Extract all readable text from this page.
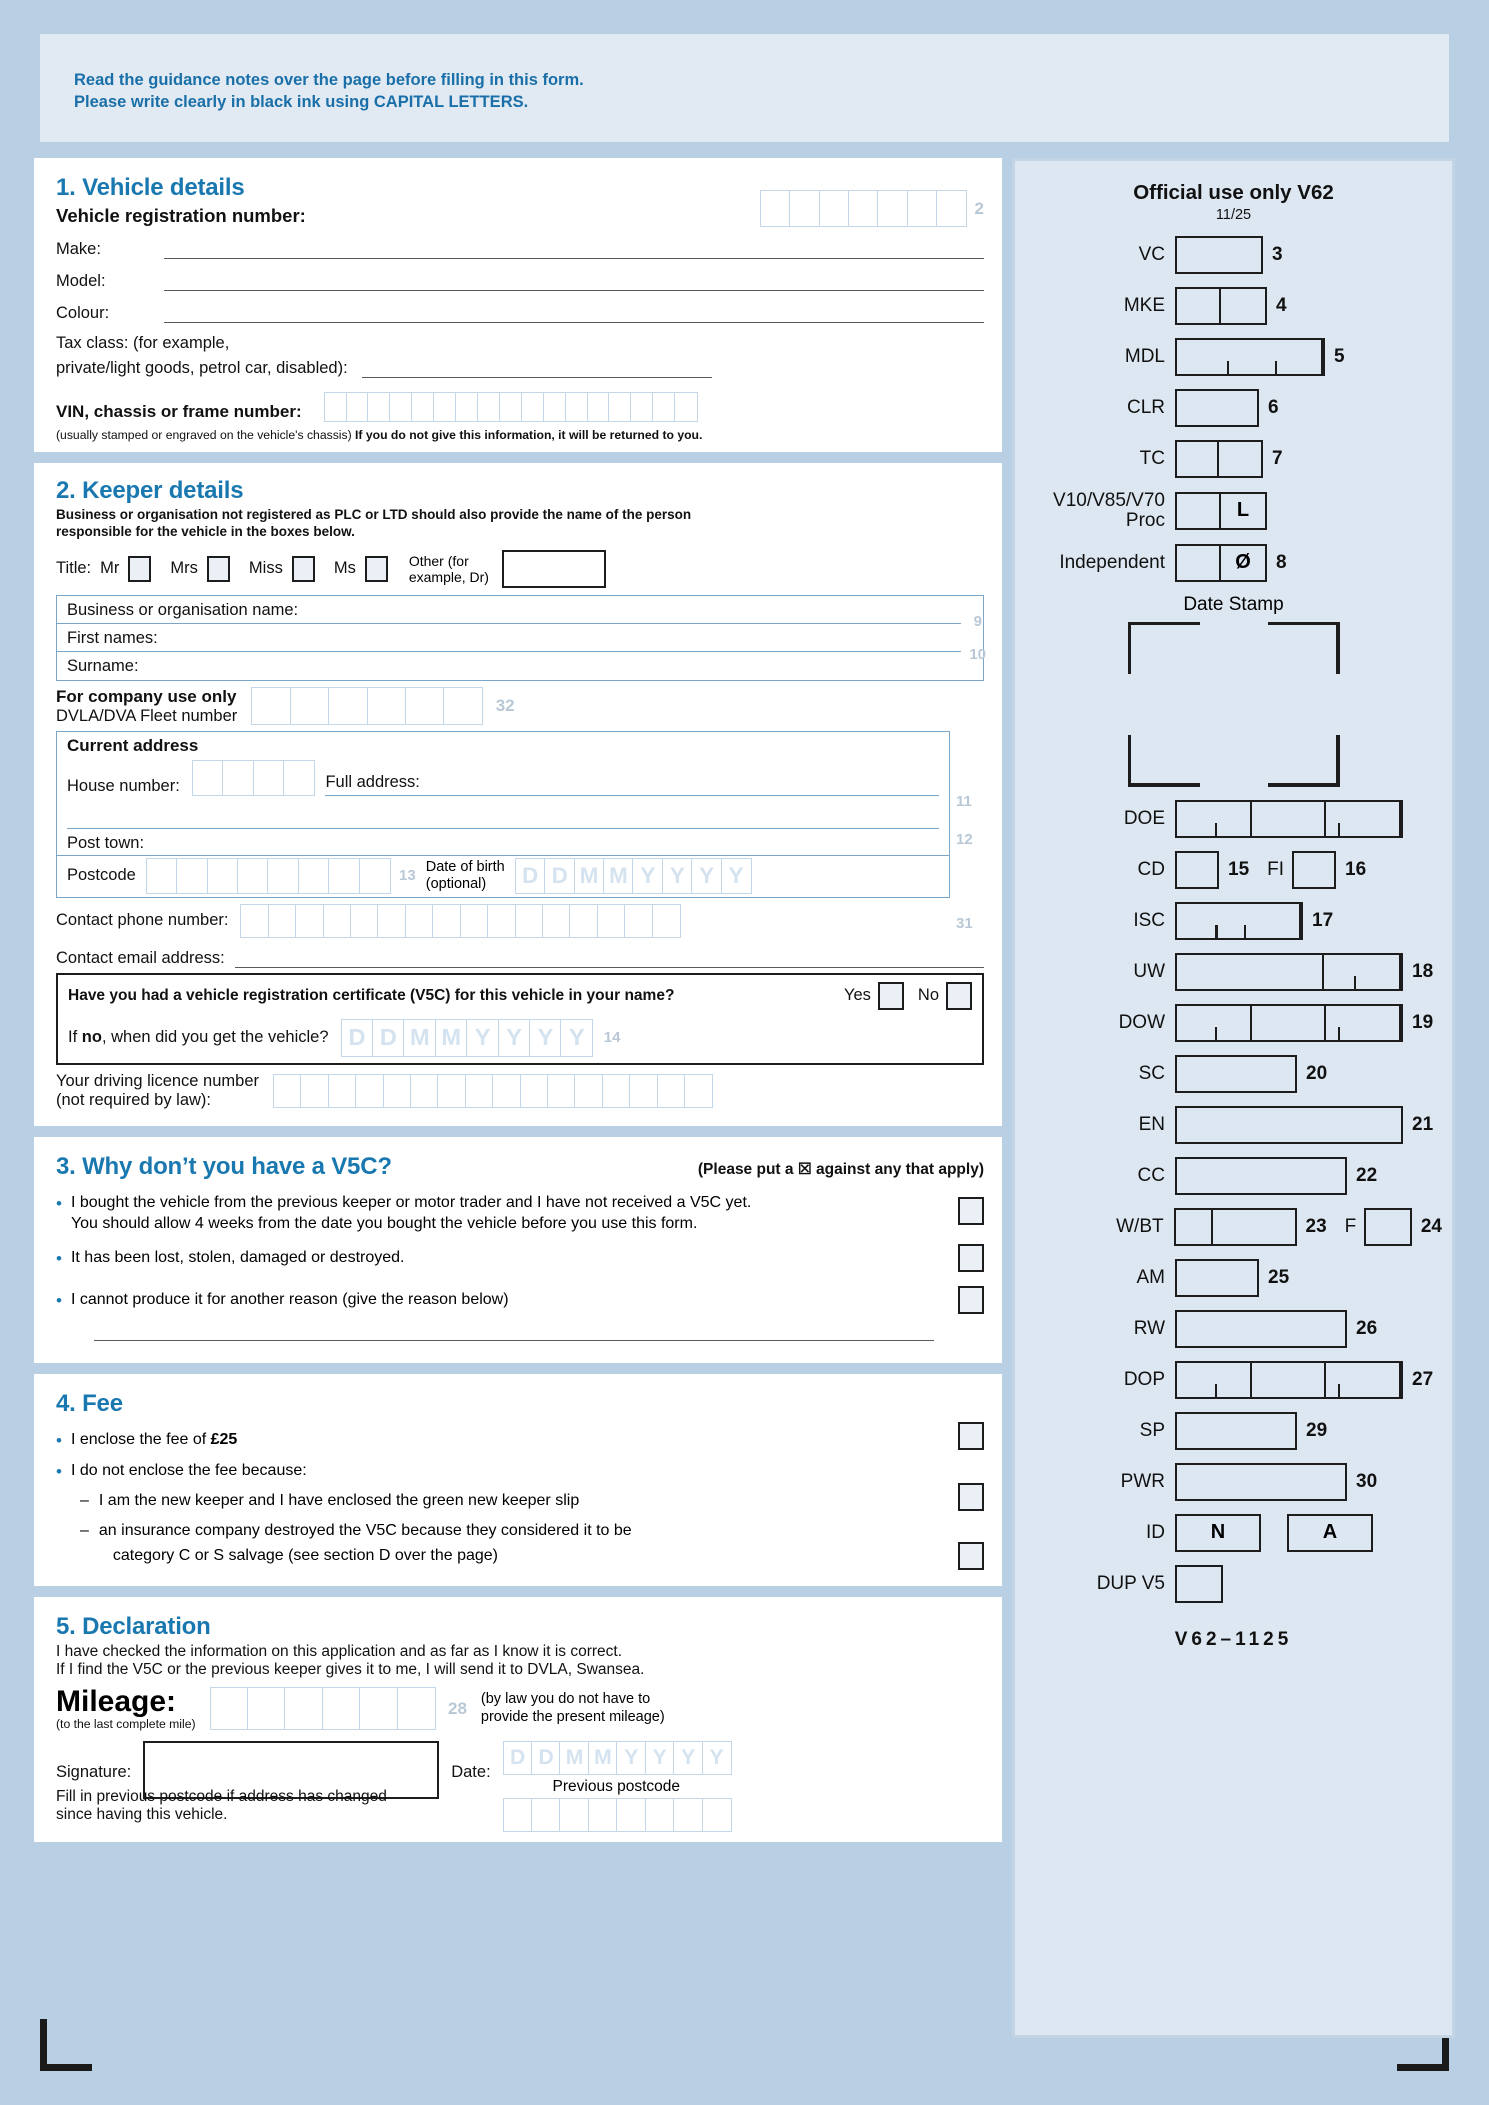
Read the guidance notes over the page before filling in this form.

Please write clearly in black ink using CAPITAL LETTERS.

1. Vehicle details
Vehicle registration number:	2
Make:
Model:
Colour:
Tax class: (for example,
private/light goods, petrol car, disabled):
VIN, chassis or frame number:
(usually stamped or engraved on the vehicle's chassis) If you do not give this information, it will be returned to you.
2. Keeper details
Business or organisation not registered as PLC or LTD should also provide the name of the person
responsible for the vehicle in the boxes below.
Title: Mr	Mrs	Miss	Ms	Other (for
example, Dr)
Business or organisation name:
First names:
Surname:
9
10
For company use only
DVLA/DVA Fleet number
32
Current address
House number:	Full address:
Post town:
Postcode	13
Date of birth
(optional)	D D M M Y Y Y Y
11
12
31
Contact phone number:
Contact email address:
Have you had a vehicle registration certificate (V5C) for this vehicle in your name?	Yes	No
If no, when did you get the vehicle? D D M M Y Y Y Y	14
Your driving licence number
(not required by law):
3. Why don’t you have a V5C?	(Please put a ☒ against any that apply)
• I bought the vehicle from the previous keeper or motor trader and I have not received a V5C yet.
You should allow 4 weeks from the date you bought the vehicle before you use this form.
• It has been lost, stolen, damaged or destroyed.
• I cannot produce it for another reason (give the reason below)
4. Fee
• I enclose the fee of £25
• I do not enclose the fee because:
– I am the new keeper and I have enclosed the green new keeper slip
– an insurance company destroyed the V5C because they considered it to be
category C or S salvage (see section D over the page)
5. Declaration
I have checked the information on this application and as far as I know it is correct.
If I find the V5C or the previous keeper gives it to me, I will send it to DVLA, Swansea.
Mileage:
(to the last complete mile)
28 (by law you do not have to
provide the present mileage)
Signature:	Date:
D D M M Y Y Y Y
Previous postcode
Fill in previous postcode if address has changed
since having this vehicle.
Official use only V62
11/25
VC	3
MKE	4
MDL	5
CLR	6
TC	7
V10/V85/V70
Proc	L
Independent	Ø	8
Date Stamp
DOE
CD	15 FI	16
ISC	17
UW	18
DOW	19
SC	20
EN	21
CC	22
W/BT	23 F	24
AM	25
RW	26
DOP	27
SP	29
PWR	30
ID	N	A
DUP V5
V62–1125
